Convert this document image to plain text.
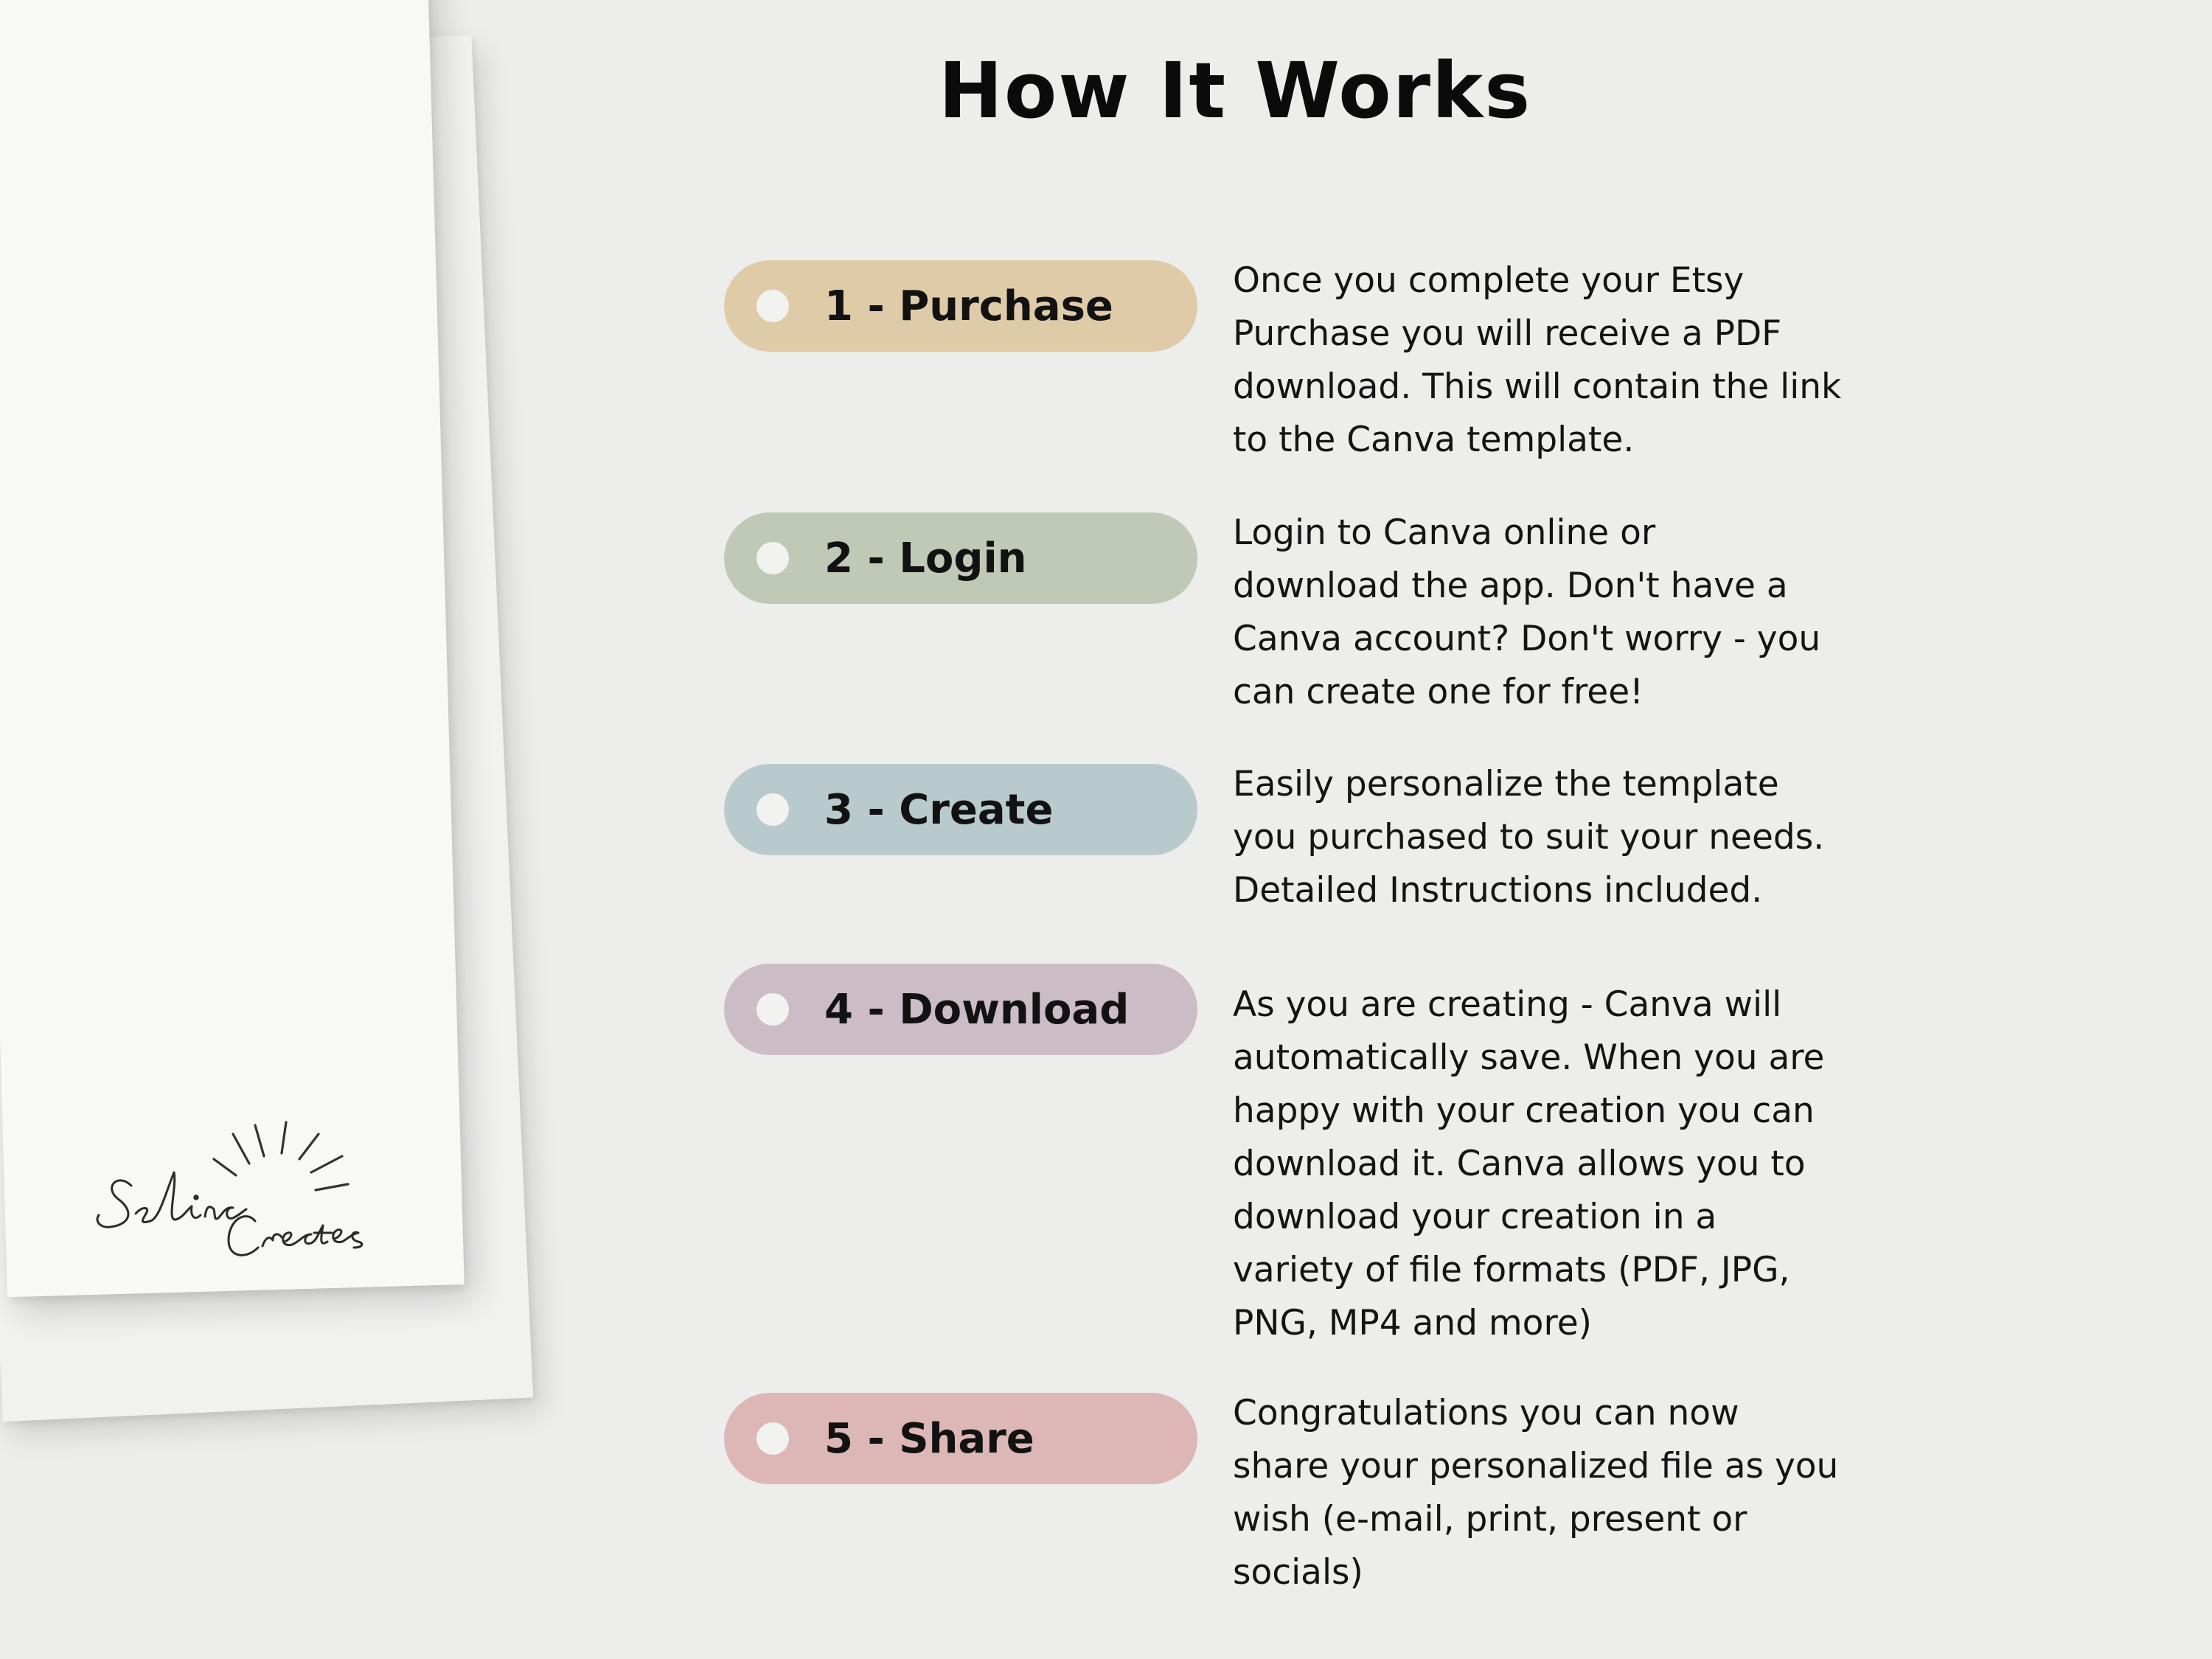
How It Works
1 - Purchase

Once you complete your Etsy
Purchase you will receive a PDF
download. This will contain the link
to the Canva template.

2 - Login

Login to Canva online or
download the app. Don't have a
Canva account? Don't worry - you
can create one for free!

3 - Create

Easily personalize the template
you purchased to suit your needs.
Detailed Instructions included.

4 - Download	As you are creating - Canva will
automatically save. When you are
happy with your creation you can
download it. Canva allows you to
download your creation in a
variety of file formats (PDF, JPG,
PNG, MP4 and more)

5 - Share

Congratulations you can now
share your personalized file as you
wish (e-mail, print, present or
socials)
